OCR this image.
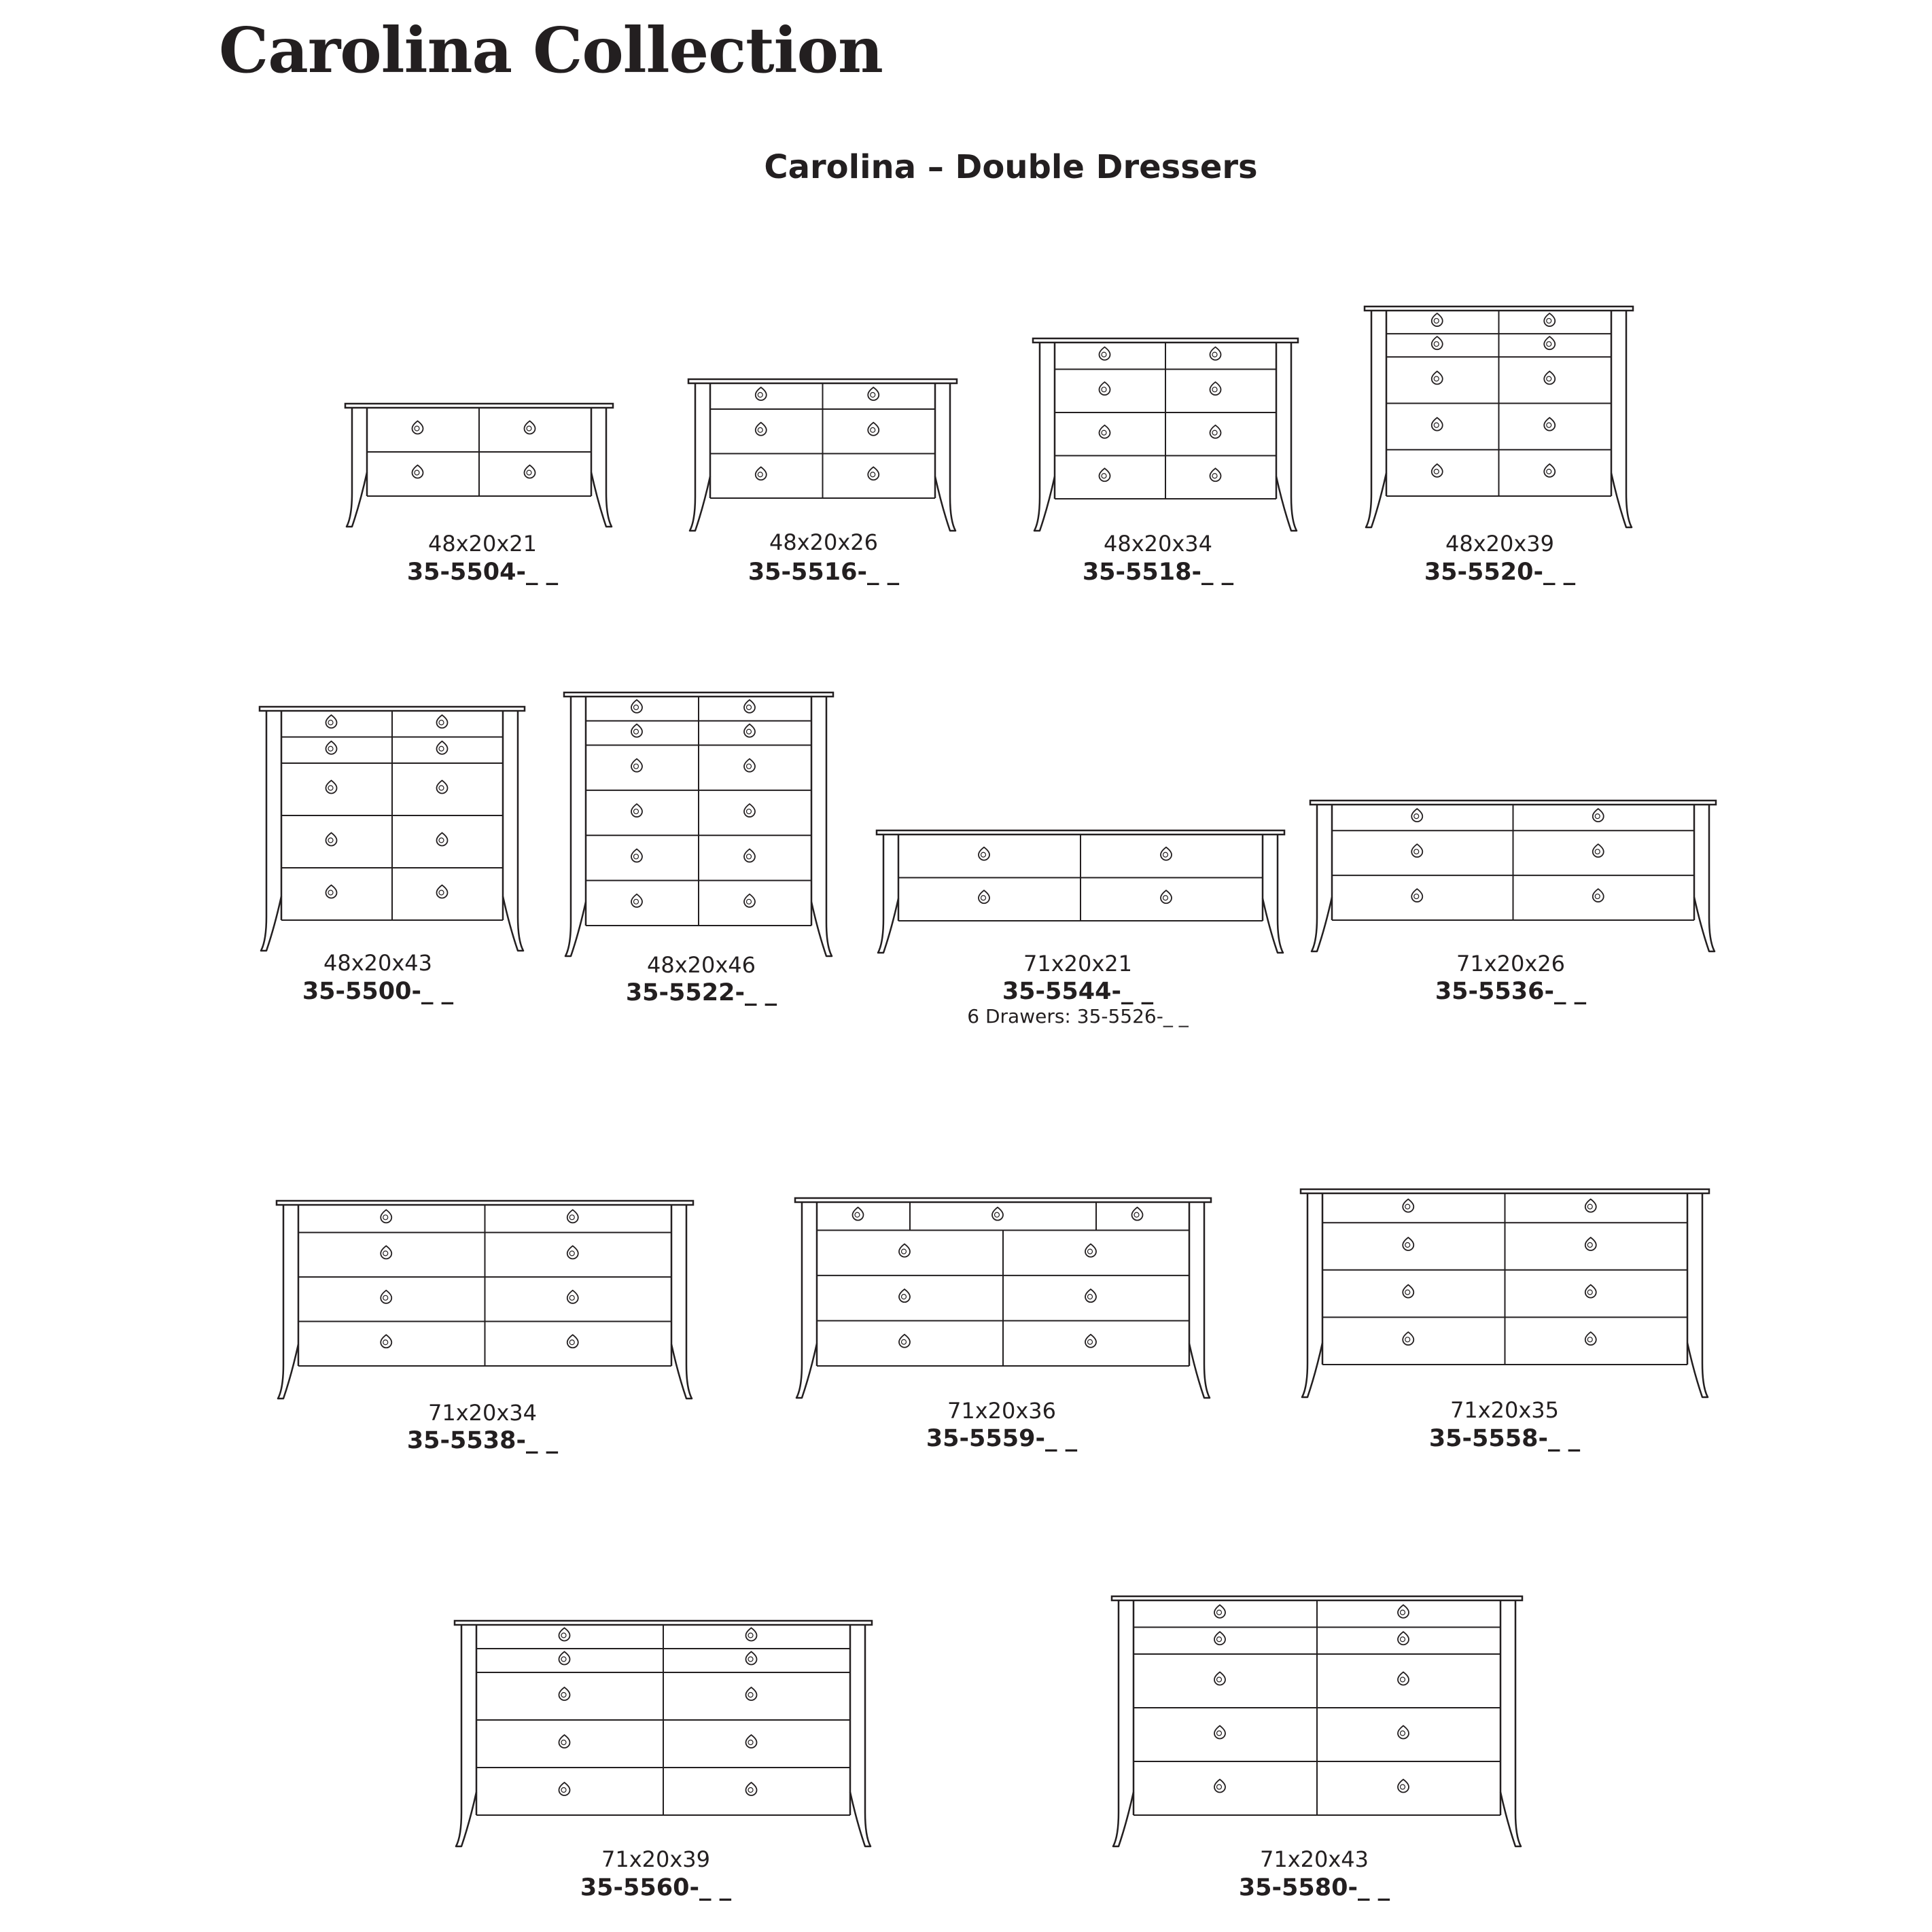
Carolina Collection
Carolina – Double Dressers
48x20x21
35-5504-_ _
48x20x26
35-5516-_ _
48x20x34
35-5518-_ _
48x20x39
35-5520-_ _
48x20x43
35-5500-_ _
48x20x46
35-5522-_ _
71x20x21
35-5544-_ _
6 Drawers: 35-5526-_ _
71x20x26
35-5536-_ _
71x20x34
35-5538-_ _
71x20x36
35-5559-_ _
71x20x35
35-5558-_ _
71x20x39
35-5560-_ _
71x20x43
35-5580-_ _
